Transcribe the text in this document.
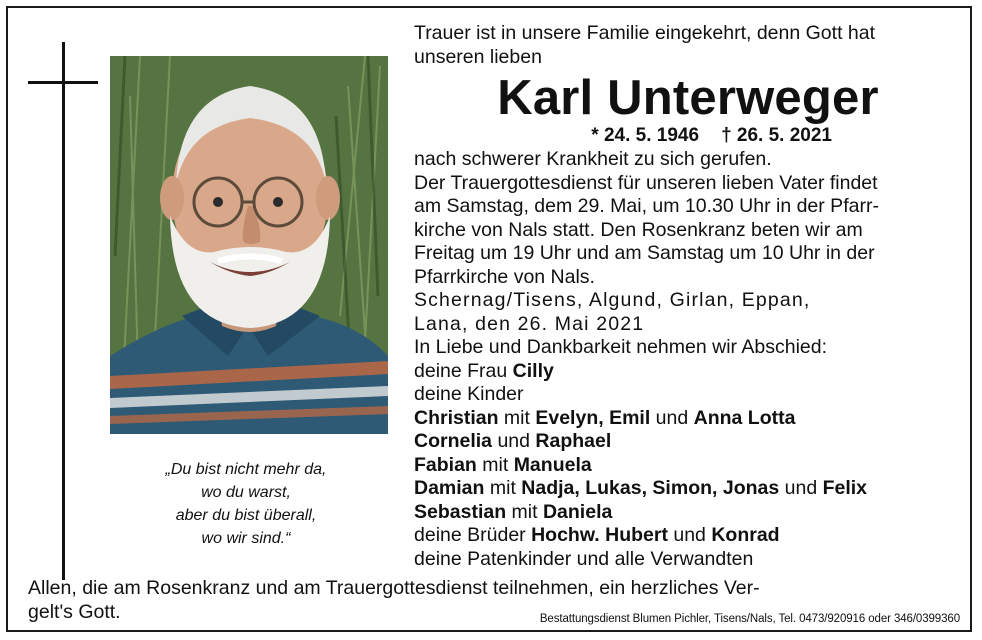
„Du bist nicht mehr da,
wo du warst,
aber du bist überall,
wo wir sind.“
Trauer ist in unsere Familie eingekehrt, denn Gott hat
unseren lieben
Karl Unterweger
* 24. 5. 1946 † 26. 5. 2021
nach schwerer Krankheit zu sich gerufen.
Der Trauergottesdienst für unseren lieben Vater findet
am Samstag, dem 29. Mai, um 10.30 Uhr in der Pfarr-
kirche von Nals statt. Den Rosenkranz beten wir am
Freitag um 19 Uhr und am Samstag um 10 Uhr in der
Pfarrkirche von Nals.
Schernag/Tisens, Algund, Girlan, Eppan,
Lana, den 26. Mai 2021
In Liebe und Dankbarkeit nehmen wir Abschied:
deine Frau Cilly
deine Kinder
Christian mit Evelyn, Emil und Anna Lotta
Cornelia und Raphael
Fabian mit Manuela
Damian mit Nadja, Lukas, Simon, Jonas und Felix
Sebastian mit Daniela
deine Brüder Hochw. Hubert und Konrad
deine Patenkinder und alle Verwandten
Allen, die am Rosenkranz und am Trauergottesdienst teilnehmen, ein herzliches Ver-
gelt's Gott.	Bestattungsdienst Blumen Pichler, Tisens/Nals, Tel. 0473/920916 oder 346/0399360
